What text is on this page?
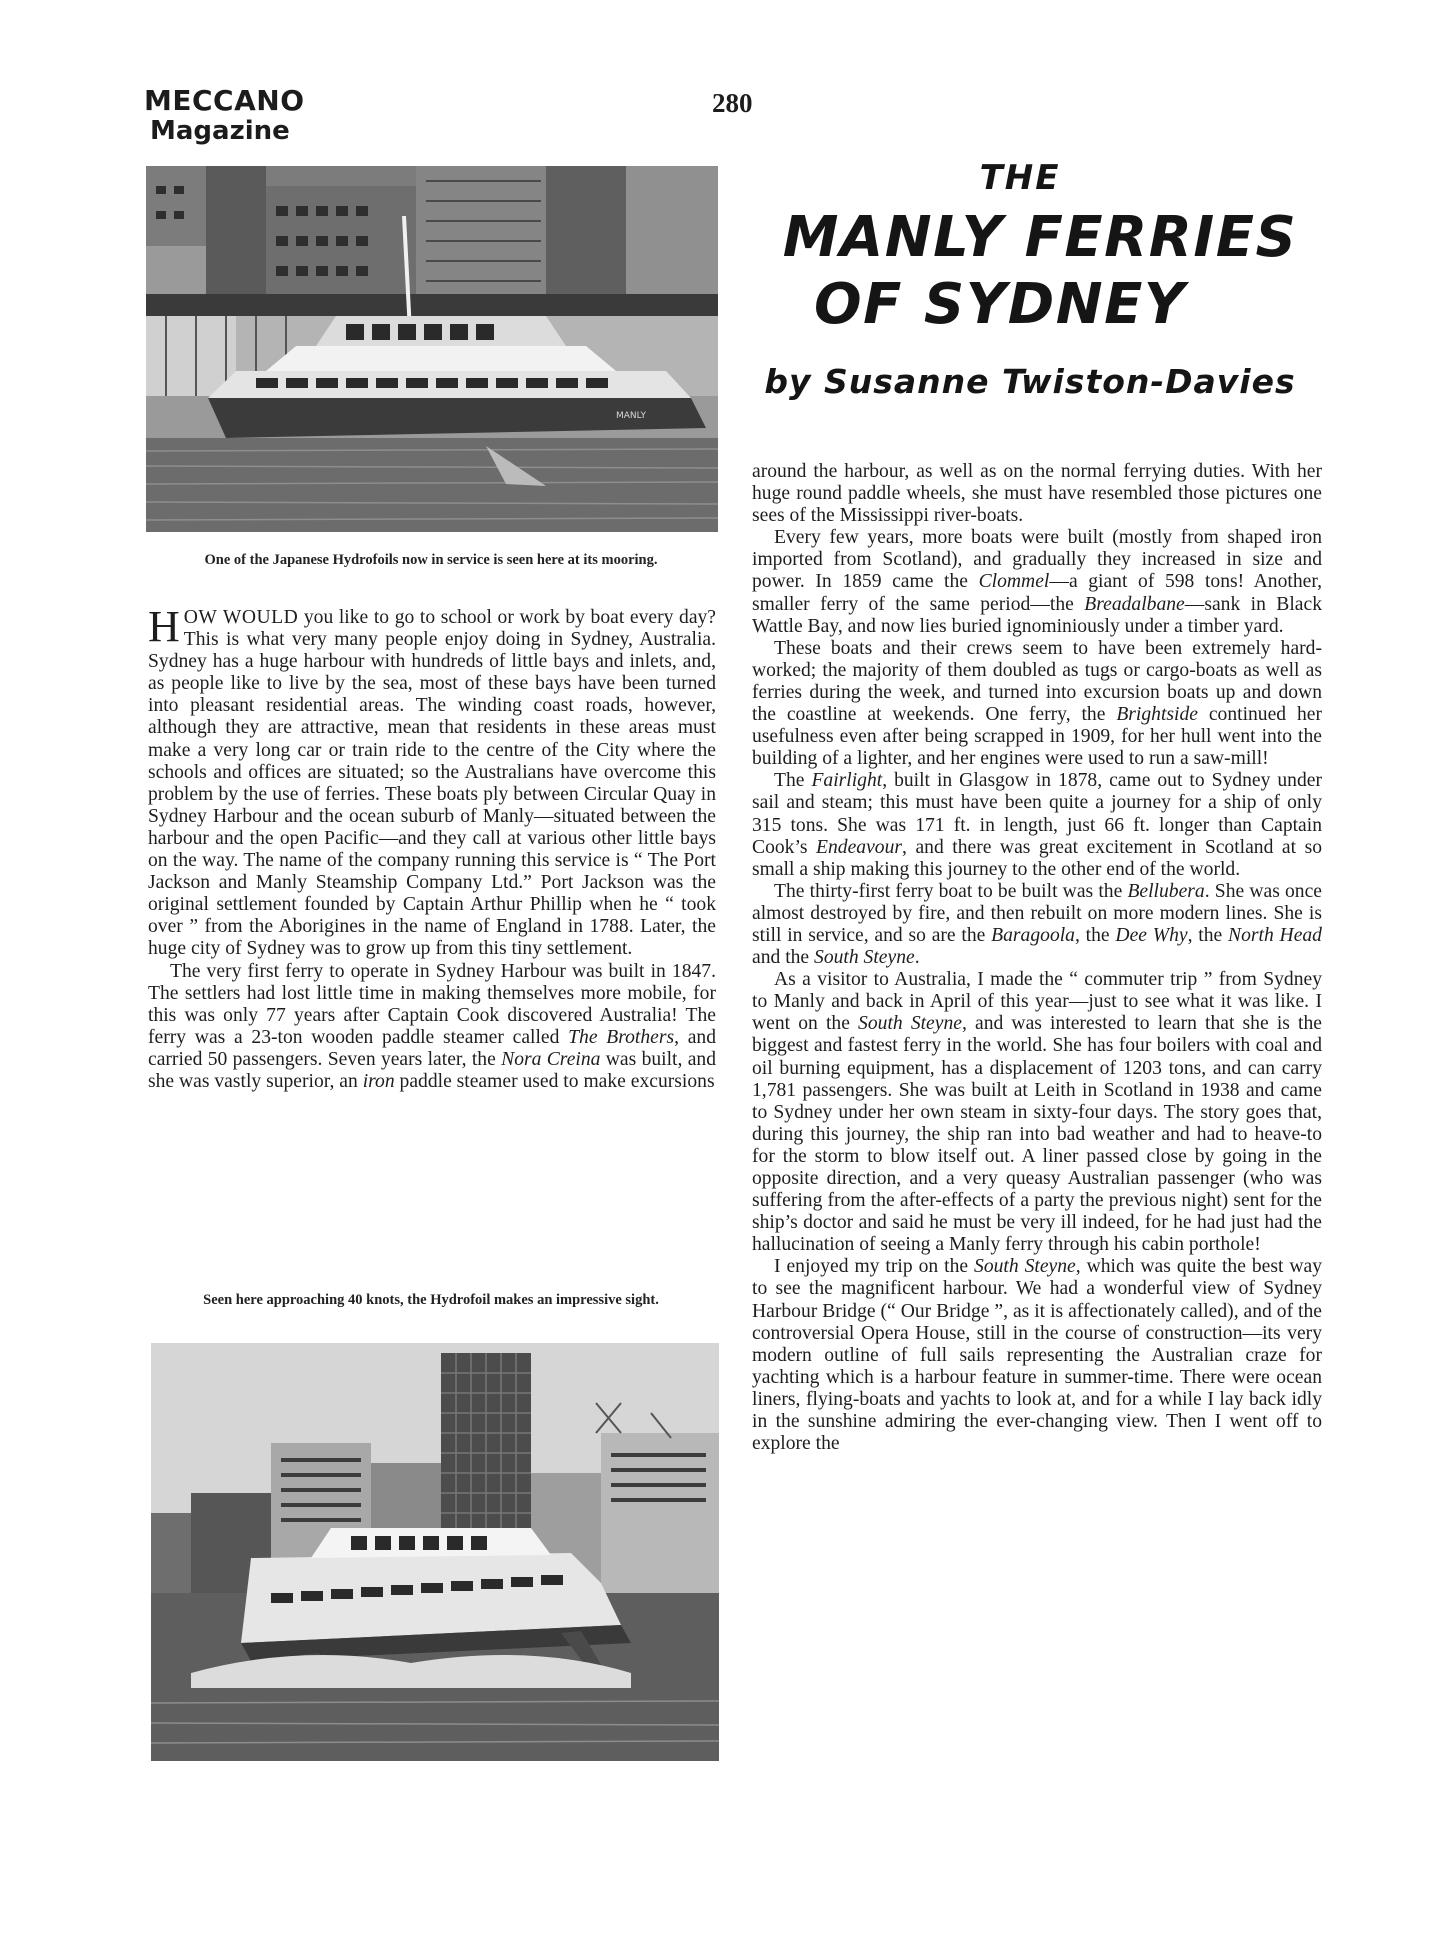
MECCANO
Magazine
280
MANLY
One of the Japanese Hydrofoils now in service is seen here at its mooring.
THE
MANLY FERRIES
OF SYDNEY
by Susanne Twiston-Davies

HOW WOULD you like to go to school or work by boat every day? This is what very many people enjoy doing in Sydney, Australia. Sydney has a huge harbour with hundreds of little bays and inlets, and, as people like to live by the sea, most of these bays have been turned into pleasant residential areas. The winding coast roads, however, although they are attractive, mean that residents in these areas must make a very long car or train ride to the centre of the City where the schools and offices are situated; so the Australians have overcome this problem by the use of ferries. These boats ply between Circular Quay in Sydney Harbour and the ocean suburb of Manly—situated between the harbour and the open Pacific—and they call at various other little bays on the way. The name of the company running this service is “ The Port Jackson and Manly Steamship Company Ltd.” Port Jackson was the original settlement founded by Captain Arthur Phillip when he “ took over ” from the Aborigines in the name of England in 1788. Later, the huge city of Sydney was to grow up from this tiny settlement.

The very first ferry to operate in Sydney Harbour was built in 1847. The settlers had lost little time in making themselves more mobile, for this was only 77 years after Captain Cook discovered Australia! The ferry was a 23-ton wooden paddle steamer called The Brothers, and carried 50 passengers. Seven years later, the Nora Creina was built, and she was vastly superior, an iron paddle steamer used to make excursions

Seen here approaching 40 knots, the Hydrofoil makes an impressive sight.

around the harbour, as well as on the normal ferrying duties. With her huge round paddle wheels, she must have resembled those pictures one sees of the Mississippi river-boats.

Every few years, more boats were built (mostly from shaped iron imported from Scotland), and gradually they increased in size and power. In 1859 came the Clommel—a giant of 598 tons! Another, smaller ferry of the same period—the Breadalbane—sank in Black Wattle Bay, and now lies buried ignominiously under a timber yard.

These boats and their crews seem to have been extremely hard-worked; the majority of them doubled as tugs or cargo-boats as well as ferries during the week, and turned into excursion boats up and down the coastline at weekends. One ferry, the Brightside continued her usefulness even after being scrapped in 1909, for her hull went into the building of a lighter, and her engines were used to run a saw-mill!

The Fairlight, built in Glasgow in 1878, came out to Sydney under sail and steam; this must have been quite a journey for a ship of only 315 tons. She was 171 ft. in length, just 66 ft. longer than Captain Cook’s Endeavour, and there was great excitement in Scotland at so small a ship making this journey to the other end of the world.

The thirty-first ferry boat to be built was the Bellubera. She was once almost destroyed by fire, and then rebuilt on more modern lines. She is still in service, and so are the Baragoola, the Dee Why, the North Head and the South Steyne.

As a visitor to Australia, I made the “ commuter trip ” from Sydney to Manly and back in April of this year—just to see what it was like. I went on the South Steyne, and was interested to learn that she is the biggest and fastest ferry in the world. She has four boilers with coal and oil burning equipment, has a displacement of 1203 tons, and can carry 1,781 passengers. She was built at Leith in Scotland in 1938 and came to Sydney under her own steam in sixty-four days. The story goes that, during this journey, the ship ran into bad weather and had to heave-to for the storm to blow itself out. A liner passed close by going in the opposite direction, and a very queasy Australian passenger (who was suffering from the after-effects of a party the previous night) sent for the ship’s doctor and said he must be very ill indeed, for he had just had the hallucination of seeing a Manly ferry through his cabin porthole!

I enjoyed my trip on the South Steyne, which was quite the best way to see the magnificent harbour. We had a wonderful view of Sydney Harbour Bridge (“ Our Bridge ”, as it is affectionately called), and of the controversial Opera House, still in the course of construction—its very modern outline of full sails representing the Australian craze for yachting which is a harbour feature in summer-time. There were ocean liners, flying-boats and yachts to look at, and for a while I lay back idly in the sunshine admiring the ever-changing view. Then I went off to explore the
